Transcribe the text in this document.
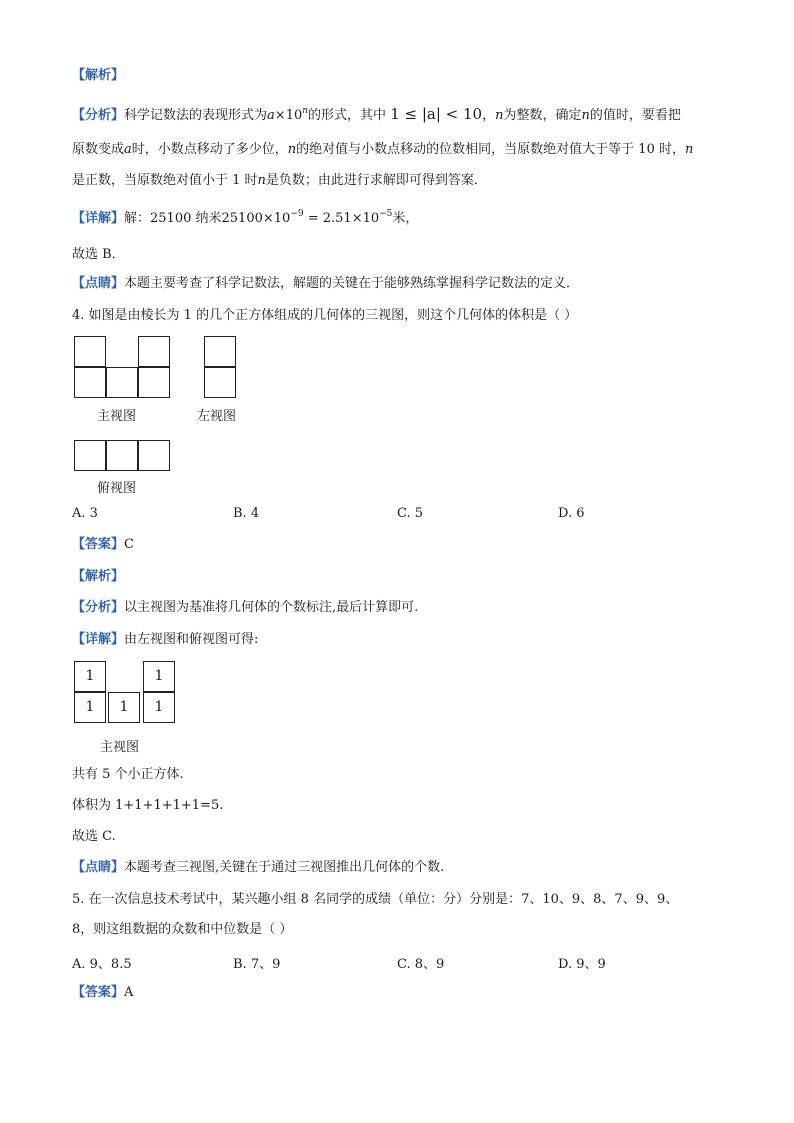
【解析】
【分析】科学记数法的表现形式为$a\times 10^n$的形式，其中 1 ≤ |a| < 10，n为整数，确定n的值时，要看把
原数变成a时，小数点移动了多少位，n的绝对值与小数点移动的位数相同，当原数绝对值大于等于 10 时，n
是正数，当原数绝对值小于 1 时n是负数；由此进行求解即可得到答案．
【详解】解：25100 纳米$25100\times 10^{-9} = 2.51\times 10^{-5}$米，
故选 B．
【点睛】本题主要考查了科学记数法，解题的关键在于能够熟练掌握科学记数法的定义．
4. 如图是由棱长为 1 的几个正方体组成的几何体的三视图，则这个几何体的体积是（ ）
主视图	左视图
俯视图
A. 3	B. 4	C. 5	D. 6
【答案】C
【解析】
【分析】以主视图为基准将几何体的个数标注,最后计算即可.
【详解】由左视图和俯视图可得:
1	1
1	1	1
主视图
共有 5 个小正方体.
体积为 1+1+1+1+1=5.
故选 C.
【点睛】本题考查三视图,关键在于通过三视图推出几何体的个数.
5. 在一次信息技术考试中，某兴趣小组 8 名同学的成绩（单位：分）分别是：7、10、9、8、7、9、9、
8，则这组数据的众数和中位数是（ ）
A. 9、8.5	B. 7、9	C. 8、9	D. 9、9
【答案】A
